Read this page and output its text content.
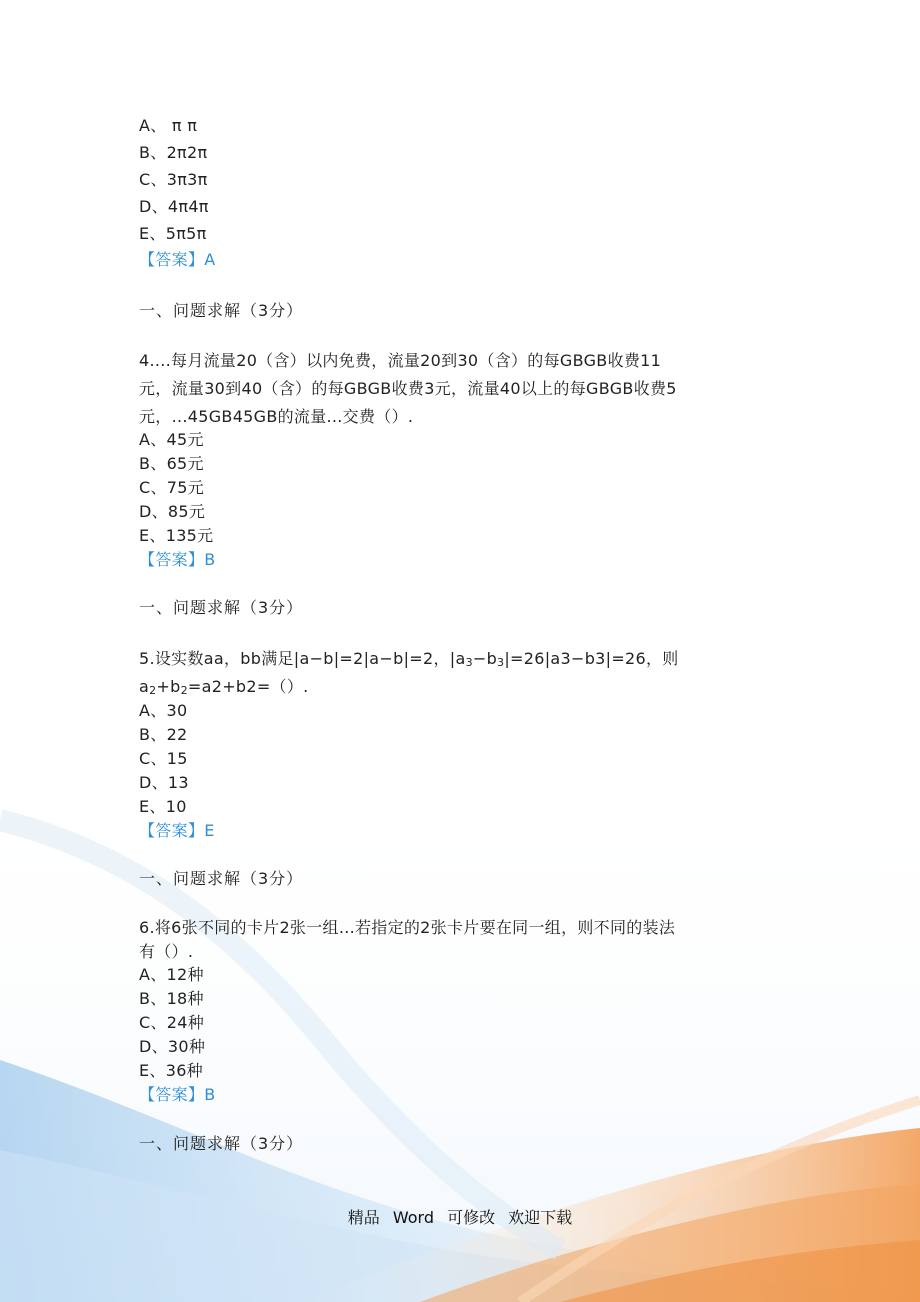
A、 π π
B、2π2π
C、3π3π
D、4π4π
E、5π5π
【答案】A
一、问题求解（3分）
4....每月流量20（含）以内免费，流量20到30（含）的每GBGB收费11
元，流量30到40（含）的每GBGB收费3元，流量40以上的每GBGB收费5
元，...45GB45GB的流量...交费（）.
A、45元
B、65元
C、75元
D、85元
E、135元
【答案】B
一、问题求解（3分）
5.设实数aa，bb满足|a−b|=2|a−b|=2，$|a_3-b_3|=26|a3-b3|=26$，则
$a_2+b_2=a2+b2=()$.
A、30
B、22
C、15
D、13
E、10
【答案】E
一、问题求解（3分）
6.将6张不同的卡片2张一组...若指定的2张卡片要在同一组，则不同的装法
有（）.
A、12种
B、18种
C、24种
D、30种
E、36种
【答案】B
一、问题求解（3分）
精品 Word 可修改 欢迎下载
